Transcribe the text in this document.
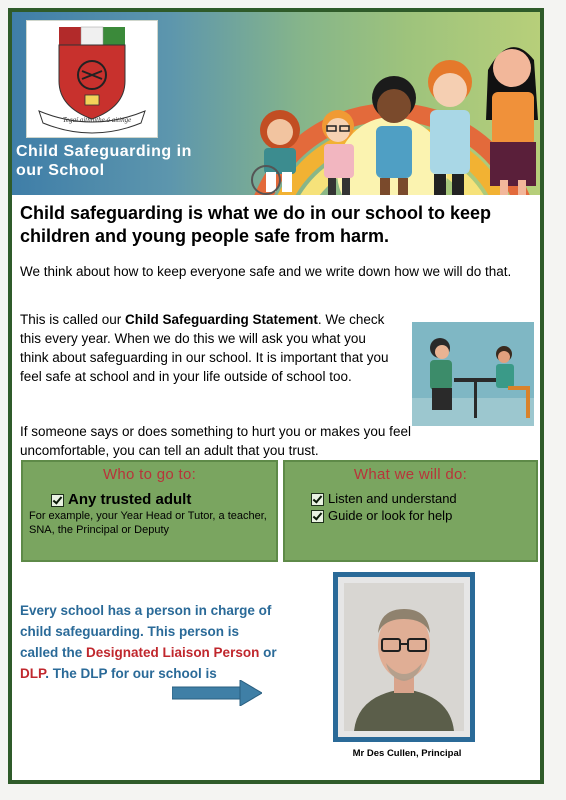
Tegaí aithníthe ó aitinge
Child Safeguarding in
our School
Child safeguarding is what we do in our school to keep children and young people safe from harm.
We think about how to keep everyone safe and we write down how we will do that.
This is called our Child Safeguarding Statement. We check this every year. When we do this we will ask you what you think about safeguarding in our school. It is important that you feel safe at school and in your life outside of school too.
If someone says or does something to hurt you or makes you feel uncomfortable, you can tell an adult that you trust.
Who to go to:
Any trusted adult
For example, your Year Head or Tutor, a teacher, SNA, the Principal or Deputy
What we will do:
Listen and understand
Guide or look for help
Every school has a person in charge of child safeguarding. This person is called the Designated Liaison Person or DLP. The DLP for our school is
Mr Des Cullen, Principal
